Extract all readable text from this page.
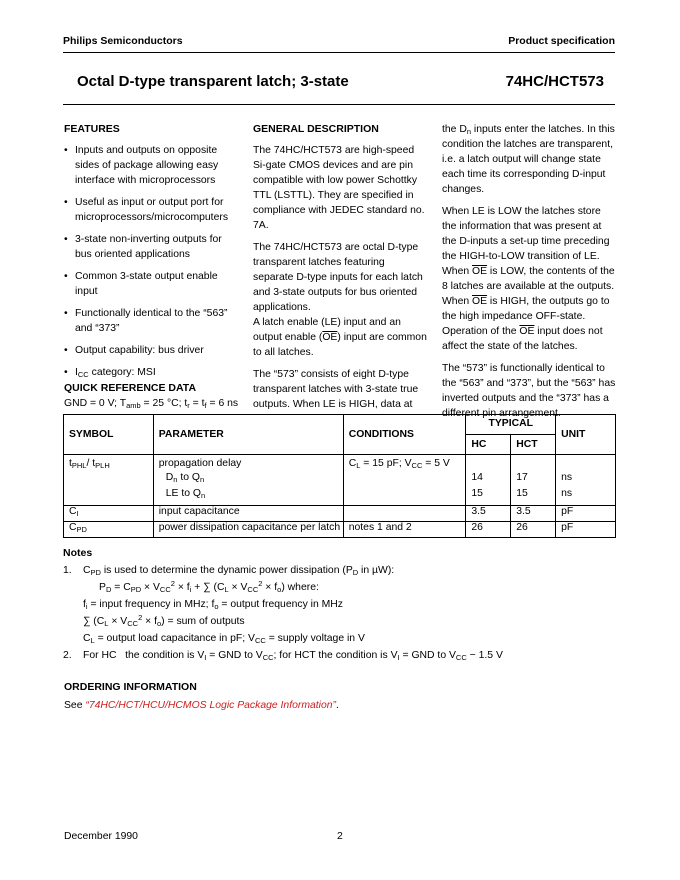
Philips Semiconductors	Product specification
Octal D-type transparent latch; 3-state	74HC/HCT573

FEATURES

• Inputs and outputs on opposite sides of package allowing easy interface with microprocessors
• Useful as input or output port for microprocessors/microcomputers
• 3-state non-inverting outputs for bus oriented applications
• Common 3-state output enable input
• Functionally identical to the “563” and “373”
• Output capability: bus driver
• $I_{CC}$ category: MSI

GENERAL DESCRIPTION

The 74HC/HCT573 are high-speed Si-gate CMOS devices and are pin compatible with low power Schottky TTL (LSTTL). They are specified in compliance with JEDEC standard no. 7A.

The 74HC/HCT573 are octal D-type transparent latches featuring separate D-type inputs for each latch and 3-state outputs for bus oriented applications.

A latch enable (LE) input and an output enable $(\overline{OE})$ input are common to all latches.

The “573” consists of eight D-type transparent latches with 3-state true outputs. When LE is HIGH, data at

the $D_n$ inputs enter the latches. In this condition the latches are transparent, i.e. a latch output will change state each time its corresponding D-input changes.

When LE is LOW the latches store the information that was present at the D-inputs a set-up time preceding the HIGH-to-LOW transition of LE.

When $\overline{OE}$ is LOW, the contents of the 8 latches are available at the outputs.

When $\overline{OE}$ is HIGH, the outputs go to the high impedance OFF-state. Operation of the $\overline{OE}$ input does not affect the state of the latches.

The “573” is functionally identical to the “563” and “373”, but the “563” has inverted outputs and the “373” has a different pin arrangement.

QUICK REFERENCE DATA
GND = 0 V; $T_{amb} = 25$ °C; $t_r = t_f = 6$ ns
SYMBOL	PARAMETER	CONDITIONS	TYPICAL		UNIT
			HC	HCT	
$t_{PHL}/$ $t_{PLH}$	propagation delay	$C_L = 15$ pF; $V_{CC} = 5$ V			
	$D_n$ to $Q_n$		14	17	ns
	LE to $Q_n$		15	15	ns
$C_I$	input capacitance		3.5	3.5	pF
$C_{PD}$	power dissipation capacitance per latch	notes 1 and 2	26	26	pF
Notes
1. $C_{PD}$ is used to determine the dynamic power dissipation ($P_D$ in µW):
$P_D = C_{PD} \times V_{CC}^2 \times f_i$ + ∑ $(C_L \times V_{CC}^2 \times f_o)$ where:
$f_i$ = input frequency in MHz; $f_o$ = output frequency in MHz
∑ $(C_L \times V_{CC}^2 \times f_o)$ = sum of outputs
$C_L$ = output load capacitance in pF; $V_{CC}$ = supply voltage in V
2. For HC   the condition is $V_I$ = GND to $V_{CC}$; for HCT the condition is $V_I$ = GND to $V_{CC} - 1.5$ V
ORDERING INFORMATION
See “74HC/HCT/HCU/HCMOS Logic Package Information”.
December 1990	2
